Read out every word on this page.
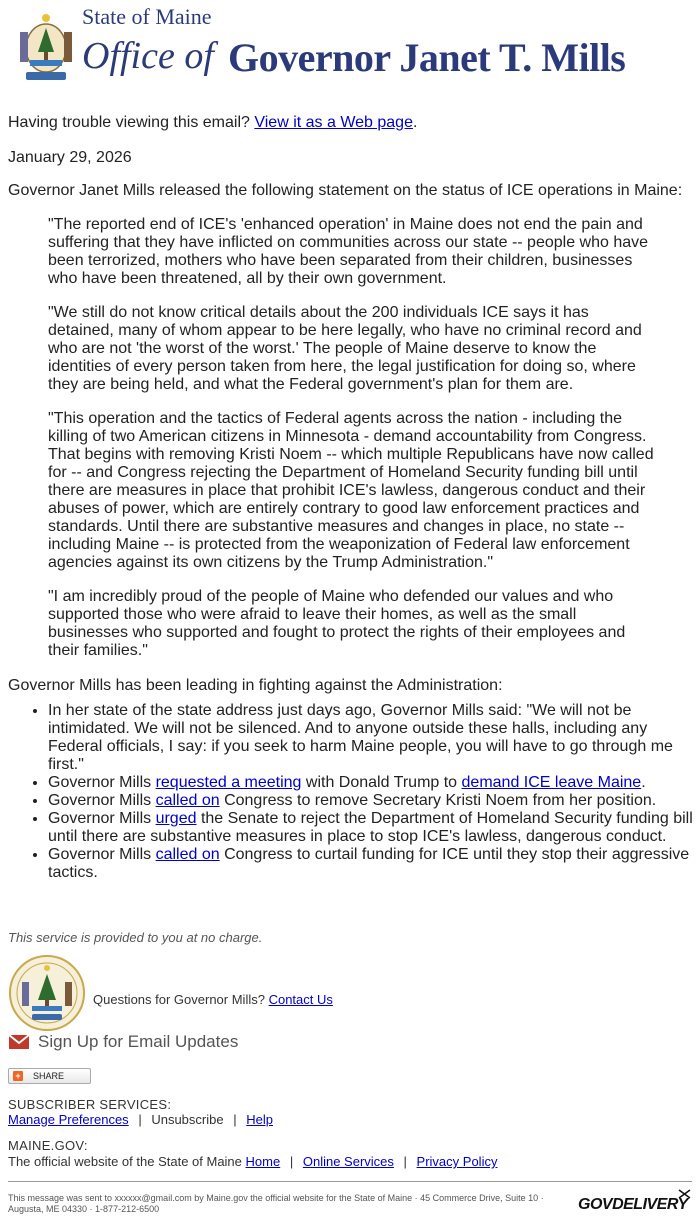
State of Maine
Office of Governor Janet T. Mills
Having trouble viewing this email? View it as a Web page.
January 29, 2026
Governor Janet Mills released the following statement on the status of ICE operations in Maine:
"The reported end of ICE's 'enhanced operation' in Maine does not end the pain and suffering that they have inflicted on communities across our state -- people who have been terrorized, mothers who have been separated from their children, businesses who have been threatened, all by their own government.
"We still do not know critical details about the 200 individuals ICE says it has detained, many of whom appear to be here legally, who have no criminal record and who are not 'the worst of the worst.' The people of Maine deserve to know the identities of every person taken from here, the legal justification for doing so, where they are being held, and what the Federal government's plan for them are.
"This operation and the tactics of Federal agents across the nation - including the killing of two American citizens in Minnesota - demand accountability from Congress. That begins with removing Kristi Noem -- which multiple Republicans have now called for -- and Congress rejecting the Department of Homeland Security funding bill until there are measures in place that prohibit ICE's lawless, dangerous conduct and their abuses of power, which are entirely contrary to good law enforcement practices and standards. Until there are substantive measures and changes in place, no state -- including Maine -- is protected from the weaponization of Federal law enforcement agencies against its own citizens by the Trump Administration."
"I am incredibly proud of the people of Maine who defended our values and who supported those who were afraid to leave their homes, as well as the small businesses who supported and fought to protect the rights of their employees and their families."
Governor Mills has been leading in fighting against the Administration:
• In her state of the state address just days ago, Governor Mills said: "We will not be intimidated. We will not be silenced. And to anyone outside these halls, including any Federal officials, I say: if you seek to harm Maine people, you will have to go through me first."
• Governor Mills requested a meeting with Donald Trump to demand ICE leave Maine.
• Governor Mills called on Congress to remove Secretary Kristi Noem from her position.
• Governor Mills urged the Senate to reject the Department of Homeland Security funding bill until there are substantive measures in place to stop ICE's lawless, dangerous conduct.
• Governor Mills called on Congress to curtail funding for ICE until they stop their aggressive tactics.
This service is provided to you at no charge.
Questions for Governor Mills? Contact Us
Sign Up for Email Updates
+ SHARE
SUBSCRIBER SERVICES:
Manage Preferences | Unsubscribe | Help
MAINE.GOV:
The official website of the State of Maine Home | Online Services | Privacy Policy
This message was sent to xxxxxx@gmail.com by Maine.gov the official website for the State of Maine · 45 Commerce Drive, Suite 10 · Augusta, ME 04330 · 1-877-212-6500	GOVDELIVERY
